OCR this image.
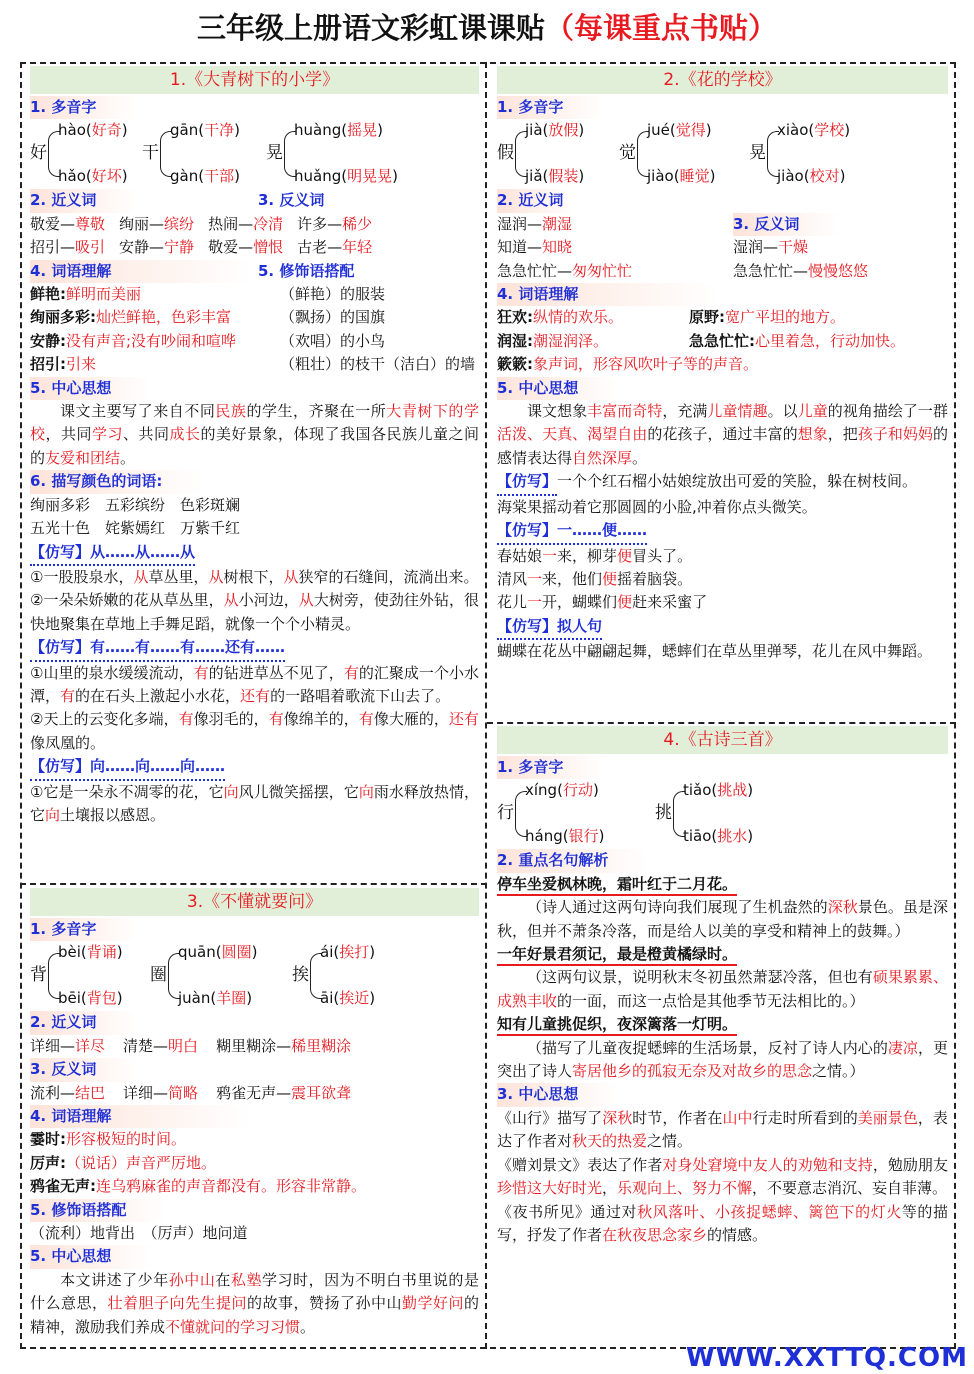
三年级上册语文彩虹课课贴（每课重点书贴）
1.《大青树下的小学》
1. 多音字
好
hào(好奇)
hǎo(好坏)
干
gān(干净)
gàn(干部)
晃
huàng(摇晃)
huǎng(明晃晃)
2. 近义词	3. 反义词
敬爱—尊敬 绚丽—缤纷 热闹—冷清 许多—稀少
招引—吸引 安静—宁静 敬爱—憎恨 古老—年轻
4. 词语理解	5. 修饰语搭配
鲜艳:鲜明而美丽	（鲜艳）的服装
绚丽多彩:灿烂鲜艳，色彩丰富	（飘扬）的国旗
安静:没有声音;没有吵闹和喧哗	（欢唱）的小鸟
招引:引来	（粗壮）的枝干（洁白）的墙
5. 中心思想
课文主要写了来自不同民族的学生，齐聚在一所大青树下的学校，共同学习、共同成长的美好景象，体现了我国各民族儿童之间的友爱和团结。
6. 描写颜色的词语:
绚丽多彩　五彩缤纷　色彩斑斓
五光十色　姹紫嫣红　万紫千红
【仿写】从……从……从
①一股股泉水，从草丛里，从树根下，从狭窄的石缝间，流淌出来。
②一朵朵娇嫩的花从草丛里，从小河边，从大树旁，使劲往外钻，很快地聚集在草地上手舞足蹈，就像一个个小精灵。
【仿写】有……有……有……还有……
①山里的泉水缓缓流动，有的钻进草丛不见了，有的汇聚成一个小水潭，有的在石头上激起小水花，还有的一路唱着歌流下山去了。
②天上的云变化多端，有像羽毛的，有像绵羊的，有像大雁的，还有像凤凰的。
【仿写】向……向……向……
①它是一朵永不凋零的花，它向风儿微笑摇摆，它向雨水释放热情，它向土壤报以感恩。
3.《不懂就要问》
1. 多音字
背
bèi(背诵)
bēi(背包)
圈
quān(圆圈)
juàn(羊圈)
挨
ái(挨打)
āi(挨近)
2. 近义词
详细—详尽 清楚—明白 糊里糊涂—稀里糊涂
3. 反义词
流利—结巴 详细—简略 鸦雀无声—震耳欲聋
4. 词语理解
霎时:形容极短的时间。
厉声:（说话）声音严厉地。
鸦雀无声:连乌鸦麻雀的声音都没有。形容非常静。
5. 修饰语搭配
（流利）地背出　（厉声）地问道
5. 中心思想
本文讲述了少年孙中山在私塾学习时，因为不明白书里说的是什么意思，壮着胆子向先生提问的故事，赞扬了孙中山勤学好问的精神，激励我们养成不懂就问的学习习惯。
2.《花的学校》
1. 多音字
假
jià(放假)
jiǎ(假装)
觉
jué(觉得)
jiào(睡觉)
晃
xiào(学校)
jiào(校对)
2. 近义词
湿润—潮湿
知道—知晓
急急忙忙—匆匆忙忙
3. 反义词
湿润—干燥
急急忙忙—慢慢悠悠
4. 词语理解
狂欢:纵情的欢乐。	原野:宽广平坦的地方。
润湿:潮湿润泽。	急急忙忙:心里着急，行动加快。
簌簌:象声词，形容风吹叶子等的声音。
5. 中心思想
课文想象丰富而奇特，充满儿童情趣。以儿童的视角描绘了一群活泼、天真、渴望自由的花孩子，通过丰富的想象，把孩子和妈妈的感情表达得自然深厚。
【仿写】一个个红石榴小姑娘绽放出可爱的笑脸，躲在树枝间。
海棠果摇动着它那圆圆的小脸,冲着你点头微笑。
【仿写】一……便……
春姑娘一来，柳芽便冒头了。
清风一来，他们便摇着脑袋。
花儿一开，蝴蝶们便赶来采蜜了
【仿写】拟人句
蝴蝶在花丛中翩翩起舞，蟋蟀们在草丛里弹琴，花儿在风中舞蹈。
4.《古诗三首》
1. 多音字
行
xíng(行动)
háng(银行)
挑
tiǎo(挑战)
tiāo(挑水)
2. 重点名句解析
停车坐爱枫林晚，霜叶红于二月花。
（诗人通过这两句诗向我们展现了生机盎然的深秋景色。虽是深秋，但并不萧条冷落，而是给人以美的享受和精神上的鼓舞。）
一年好景君须记，最是橙黄橘绿时。
（这两句议景，说明秋末冬初虽然萧瑟冷落，但也有硕果累累、成熟丰收的一面，而这一点恰是其他季节无法相比的。）
知有儿童挑促织，夜深篱落一灯明。
（描写了儿童夜捉蟋蟀的生活场景，反衬了诗人内心的凄凉，更突出了诗人寄居他乡的孤寂无奈及对故乡的思念之情。）
3. 中心思想
《山行》描写了深秋时节，作者在山中行走时所看到的美丽景色，表达了作者对秋天的热爱之情。
《赠刘景文》表达了作者对身处窘境中友人的劝勉和支持，勉励朋友珍惜这大好时光，乐观向上、努力不懈，不要意志消沉、妄自菲薄。
《夜书所见》通过对秋风落叶、小孩捉蟋蟀、篱笆下的灯火等的描写，抒发了作者在秋夜思念家乡的情感。
WWW.XXTTQ.COM
